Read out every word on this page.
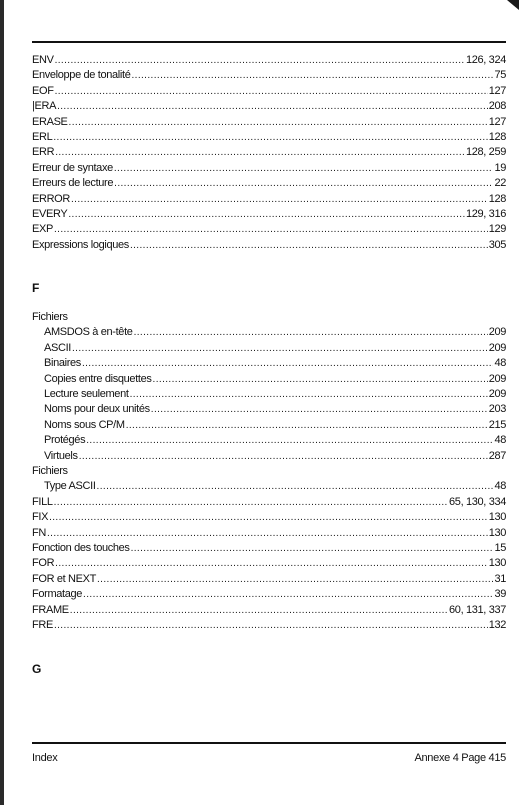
ENV .....	126, 324
Enveloppe de tonalité .....	75
EOF .....	127
|ERA .....	208
ERASE .....	127
ERL .....	128
ERR .....	128, 259
Erreur de syntaxe .....	19
Erreurs de lecture .....	22
ERROR .....	128
EVERY .....	129, 316
EXP .....	129
Expressions logiques .....	305
F
Fichiers
AMSDOS à en-tête .....	209
ASCII .....	209
Binaires .....	48
Copies entre disquettes .....	209
Lecture seulement .....	209
Noms pour deux unités .....	203
Noms sous CP/M .....	215
Protégés .....	48
Virtuels .....	287
Fichiers
Type ASCII .....	48
FILL .....	65, 130, 334
FIX .....	130
FN .....	130
Fonction des touches .....	15
FOR .....	130
FOR et NEXT .....	31
Formatage .....	39
FRAME .....	60, 131, 337
FRE .....	132
G
Index	Annexe 4 Page 415
